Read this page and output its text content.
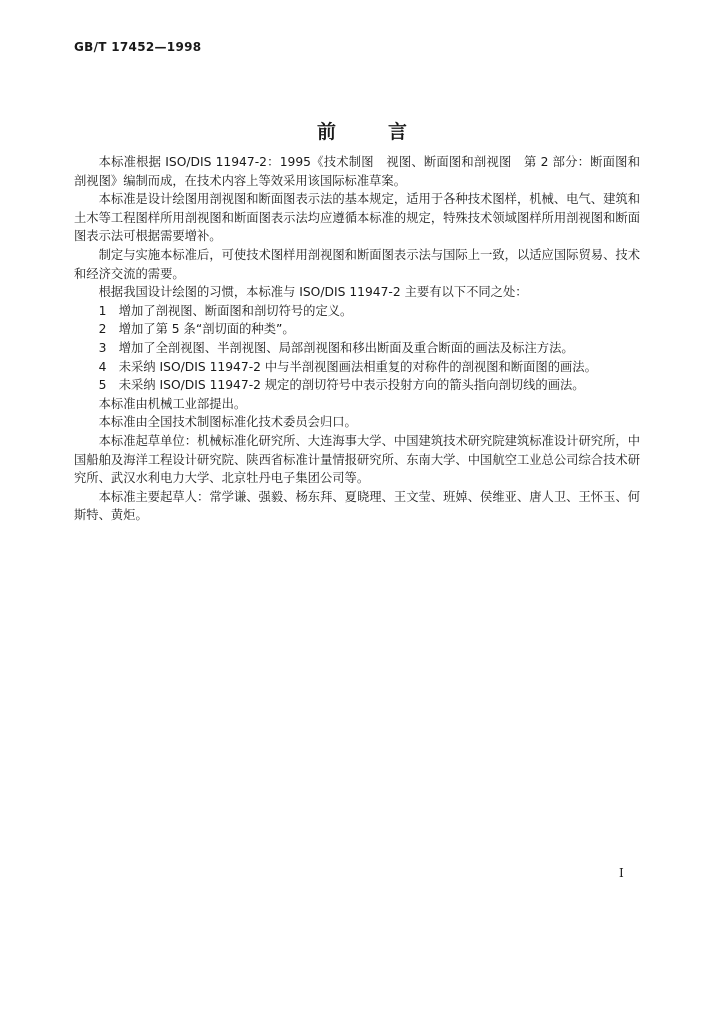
GB/T 17452—1998
前言

本标准根据 ISO/DIS 11947-2：1995《技术制图　视图、断面图和剖视图　第 2 部分：断面图和剖视图》编制而成，在技术内容上等效采用该国际标准草案。

本标准是设计绘图用剖视图和断面图表示法的基本规定，适用于各种技术图样，机械、电气、建筑和土木等工程图样所用剖视图和断面图表示法均应遵循本标准的规定，特殊技术领域图样所用剖视图和断面图表示法可根据需要增补。

制定与实施本标准后，可使技术图样用剖视图和断面图表示法与国际上一致，以适应国际贸易、技术和经济交流的需要。

根据我国设计绘图的习惯，本标准与 ISO/DIS 11947-2 主要有以下不同之处：

1　增加了剖视图、断面图和剖切符号的定义。

2　增加了第 5 条“剖切面的种类”。

3　增加了全剖视图、半剖视图、局部剖视图和移出断面及重合断面的画法及标注方法。

4　未采纳 ISO/DIS 11947-2 中与半剖视图画法相重复的对称件的剖视图和断面图的画法。

5　未采纳 ISO/DIS 11947-2 规定的剖切符号中表示投射方向的箭头指向剖切线的画法。

本标准由机械工业部提出。

本标准由全国技术制图标准化技术委员会归口。

本标准起草单位：机械标准化研究所、大连海事大学、中国建筑技术研究院建筑标准设计研究所，中国船舶及海洋工程设计研究院、陕西省标准计量情报研究所、东南大学、中国航空工业总公司综合技术研究所、武汉水利电力大学、北京牡丹电子集团公司等。

本标准主要起草人：常学谦、强毅、杨东拜、夏晓理、王文莹、班婥、侯维亚、唐人卫、王怀玉、何斯特、黄炬。

I
